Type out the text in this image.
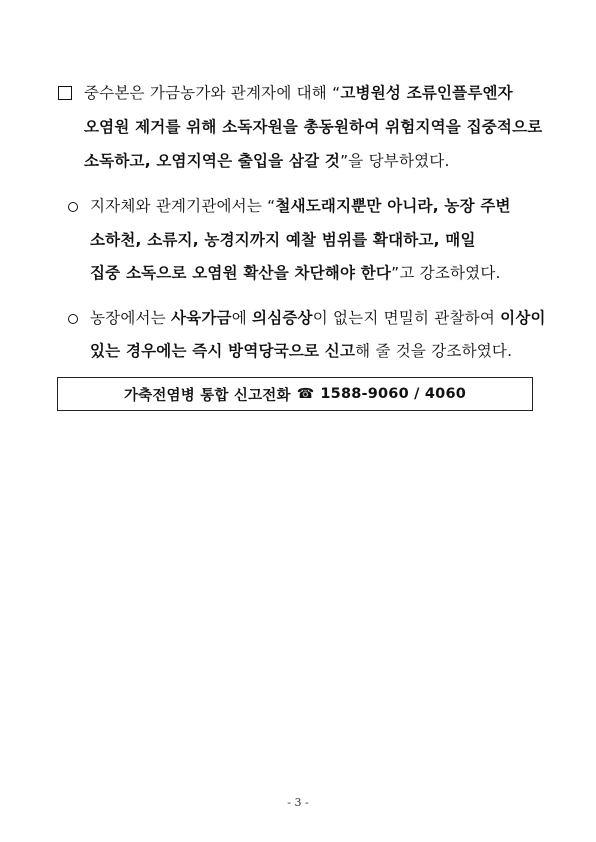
중수본은 가금농가와 관계자에 대해 “고병원성 조류인플루엔자
오염원 제거를 위해 소독자원을 총동원하여 위험지역을 집중적으로
소독하고, 오염지역은 출입을 삼갈 것”을 당부하였다.
지자체와 관계기관에서는 “철새도래지뿐만 아니라, 농장 주변
소하천, 소류지, 농경지까지 예찰 범위를 확대하고, 매일
집중 소독으로 오염원 확산을 차단해야 한다”고 강조하였다.
농장에서는 사육가금에 의심증상이 없는지 면밀히 관찰하여 이상이
있는 경우에는 즉시 방역당국으로 신고해 줄 것을 강조하였다.
가축전염병 통합 신고전화 ☎ 1588-9060 / 4060
- 3 -
